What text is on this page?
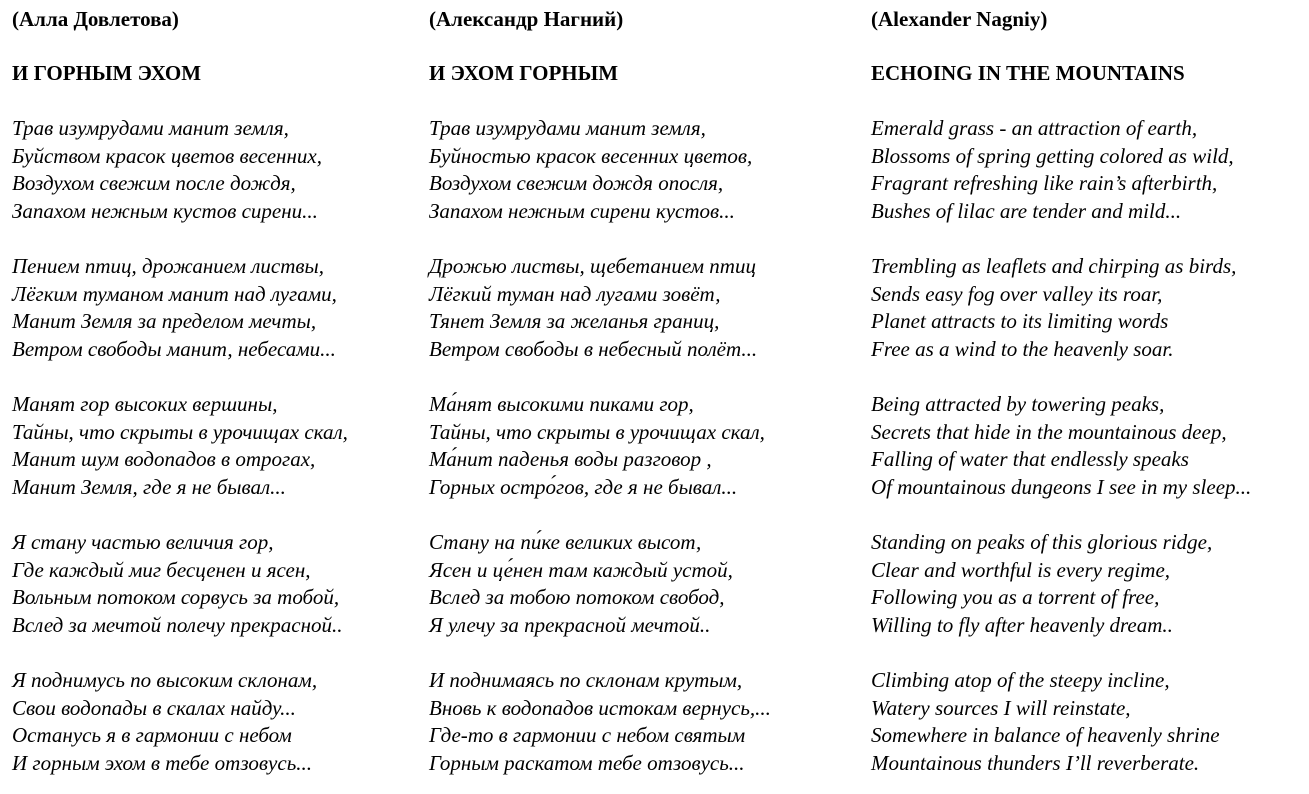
(Алла Довлетова)
И ГОРНЫМ ЭХОМ
Трав изумрудами манит земля,
Буйством красок цветов весенних,
Воздухом свежим после дождя,
Запахом нежным кустов сирени...
Пением птиц, дрожанием листвы,
Лёгким туманом манит над лугами,
Манит Земля за пределом мечты,
Ветром свободы манит, небесами...
Манят гор высоких вершины,
Тайны, что скрыты в урочищах скал,
Манит шум водопадов в отрогах,
Манит Земля, где я не бывал...
Я стану частью величия гор,
Где каждый миг бесценен и ясен,
Вольным потоком сорвусь за тобой,
Вслед за мечтой полечу прекрасной..
Я поднимусь по высоким склонам,
Свои водопады в скалах найду...
Останусь я в гармонии с небом
И горным эхом в тебе отзовусь...
(Александр Нагний)
И ЭХОМ ГОРНЫМ
Трав изумрудами манит земля,
Буйностью красок весенних цветов,
Воздухом свежим дождя опосля,
Запахом нежным сирени кустов...
Дрожью листвы, щебетанием птиц
Лёгкий туман над лугами зовёт,
Тянет Земля за желанья границ,
Ветром свободы в небесный полёт...
Ма́нят высокими пиками гор,
Тайны, что скрыты в урочищах скал,
Ма́нит паденья воды разговор ,
Горных остро́гов, где я не бывал...
Стану на пи́ке великих высот,
Ясен и це́нен там каждый устой,
Вслед за тобою потоком свобод,
Я улечу за прекрасной мечтой..
И поднимаясь по склонам крутым,
Вновь к водопадов истокам вернусь,...
Где-то в гармонии с небом святым
Горным раскатом тебе отзовусь...
(Alexander Nagniy)
ECHOING IN THE MOUNTAINS
Emerald grass - an attraction of earth,
Blossoms of spring getting colored as wild,
Fragrant refreshing like rain’s afterbirth,
Bushes of lilac are tender and mild...
Trembling as leaflets and chirping as birds,
Sends easy fog over valley its roar,
Planet attracts to its limiting words
Free as a wind to the heavenly soar.
Being attracted by towering peaks,
Secrets that hide in the mountainous deep,
Falling of water that endlessly speaks
Of mountainous dungeons I see in my sleep...
Standing on peaks of this glorious ridge,
Clear and worthful is every regime,
Following you as a torrent of free,
Willing to fly after heavenly dream..
Climbing atop of the steepy incline,
Watery sources I will reinstate,
Somewhere in balance of heavenly shrine
Mountainous thunders I’ll reverberate.
